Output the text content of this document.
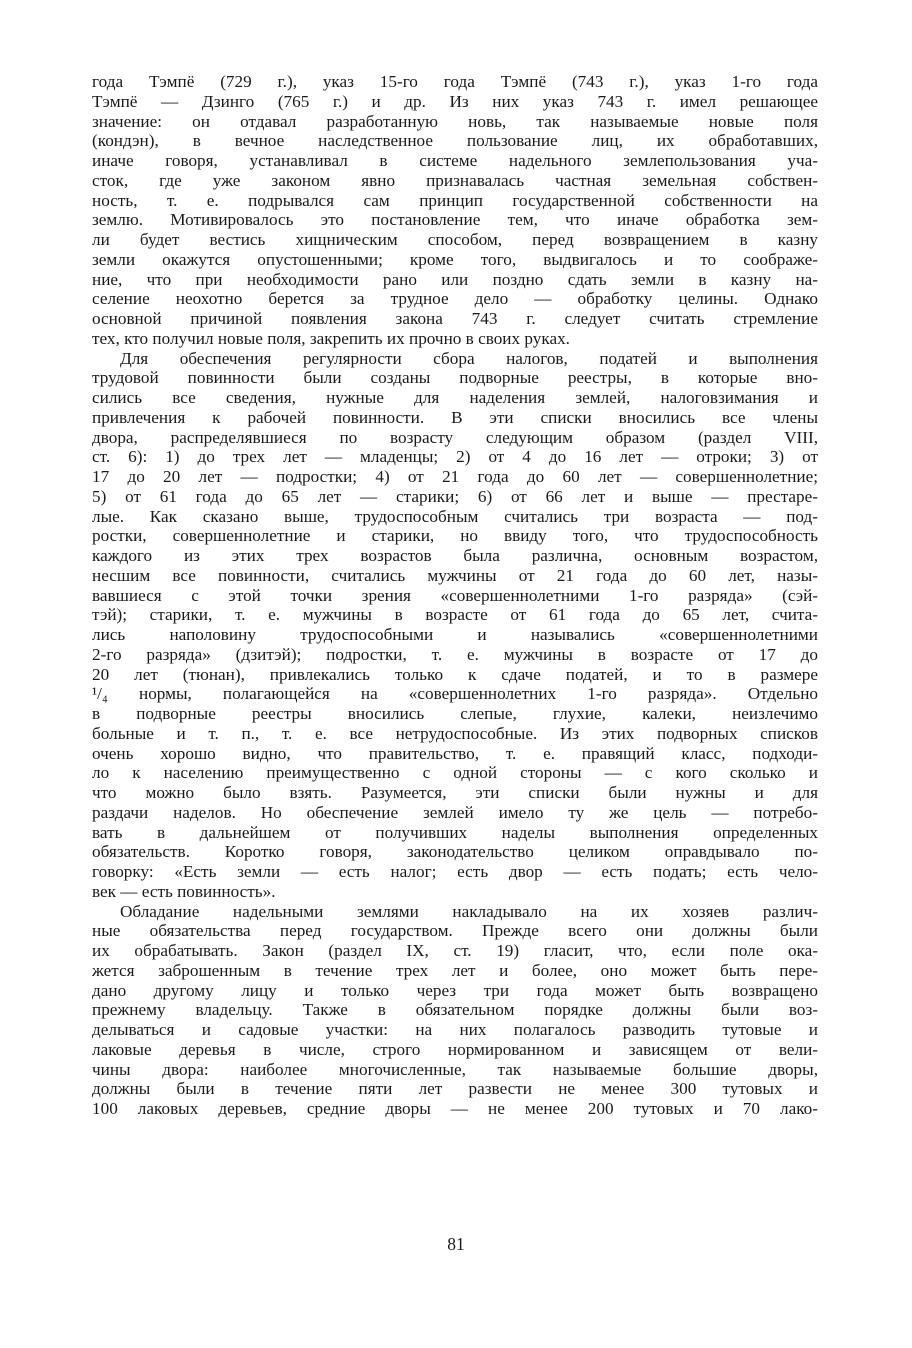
года Тэмпё (729 г.), указ 15-го года Тэмпё (743 г.), указ 1-го года
Тэмпё — Дзинго (765 г.) и др. Из них указ 743 г. имел решающее
значение: он отдавал разработанную новь, так называемые новые поля
(кондэн), в вечное наследственное пользование лиц, их обработавших,
иначе говоря, устанавливал в системе надельного землепользования уча-
сток, где уже законом явно признавалась частная земельная собствен-
ность, т. е. подрывался сам принцип государственной собственности на
землю. Мотивировалось это постановление тем, что иначе обработка зем-
ли будет вестись хищническим способом, перед возвращением в казну
земли окажутся опустошенными; кроме того, выдвигалось и то соображе-
ние, что при необходимости рано или поздно сдать земли в казну на-
селение неохотно берется за трудное дело — обработку целины. Однако
основной причиной появления закона 743 г. следует считать стремление
тех, кто получил новые поля, закрепить их прочно в своих руках.

Для обеспечения регулярности сбора налогов, податей и выполнения
трудовой повинности были созданы подворные реестры, в которые вно-
сились все сведения, нужные для наделения землей, налоговзимания и
привлечения к рабочей повинности. В эти списки вносились все члены
двора, распределявшиеся по возрасту следующим образом (раздел VIII,
ст. 6): 1) до трех лет — младенцы; 2) от 4 до 16 лет — отроки; 3) от
17 до 20 лет — подростки; 4) от 21 года до 60 лет — совершеннолетние;
5) от 61 года до 65 лет — старики; 6) от 66 лет и выше — престаре-
лые. Как сказано выше, трудоспособным считались три возраста — под-
ростки, совершеннолетние и старики, но ввиду того, что трудоспособность
каждого из этих трех возрастов была различна, основным возрастом,
несшим все повинности, считались мужчины от 21 года до 60 лет, назы-
вавшиеся с этой точки зрения «совершеннолетними 1-го разряда» (сэй-
тэй); старики, т. е. мужчины в возрасте от 61 года до 65 лет, счита-
лись наполовину трудоспособными и назывались «совершеннолетними
2-го разряда» (дзитэй); подростки, т. е. мужчины в возрасте от 17 до
20 лет (тюнан), привлекались только к сдаче податей, и то в размере
¹/₄ нормы, полагающейся на «совершеннолетних 1-го разряда». Отдельно
в подворные реестры вносились слепые, глухие, калеки, неизлечимо
больные и т. п., т. е. все нетрудоспособные. Из этих подворных списков
очень хорошо видно, что правительство, т. е. правящий класс, подходи-
ло к населению преимущественно с одной стороны — с кого сколько и
что можно было взять. Разумеется, эти списки были нужны и для
раздачи наделов. Но обеспечение землей имело ту же цель — потребо-
вать в дальнейшем от получивших наделы выполнения определенных
обязательств. Коротко говоря, законодательство целиком оправдывало по-
говорку: «Есть земли — есть налог; есть двор — есть подать; есть чело-
век — есть повинность».

Обладание надельными землями накладывало на их хозяев различ-
ные обязательства перед государством. Прежде всего они должны были
их обрабатывать. Закон (раздел IX, ст. 19) гласит, что, если поле ока-
жется заброшенным в течение трех лет и более, оно может быть пере-
дано другому лицу и только через три года может быть возвращено
прежнему владельцу. Также в обязательном порядке должны были воз-
делываться и садовые участки: на них полагалось разводить тутовые и
лаковые деревья в числе, строго нормированном и зависящем от вели-
чины двора: наиболее многочисленные, так называемые большие дворы,
должны были в течение пяти лет развести не менее 300 тутовых и
100 лаковых деревьев, средние дворы — не менее 200 тутовых и 70 лако-

81
